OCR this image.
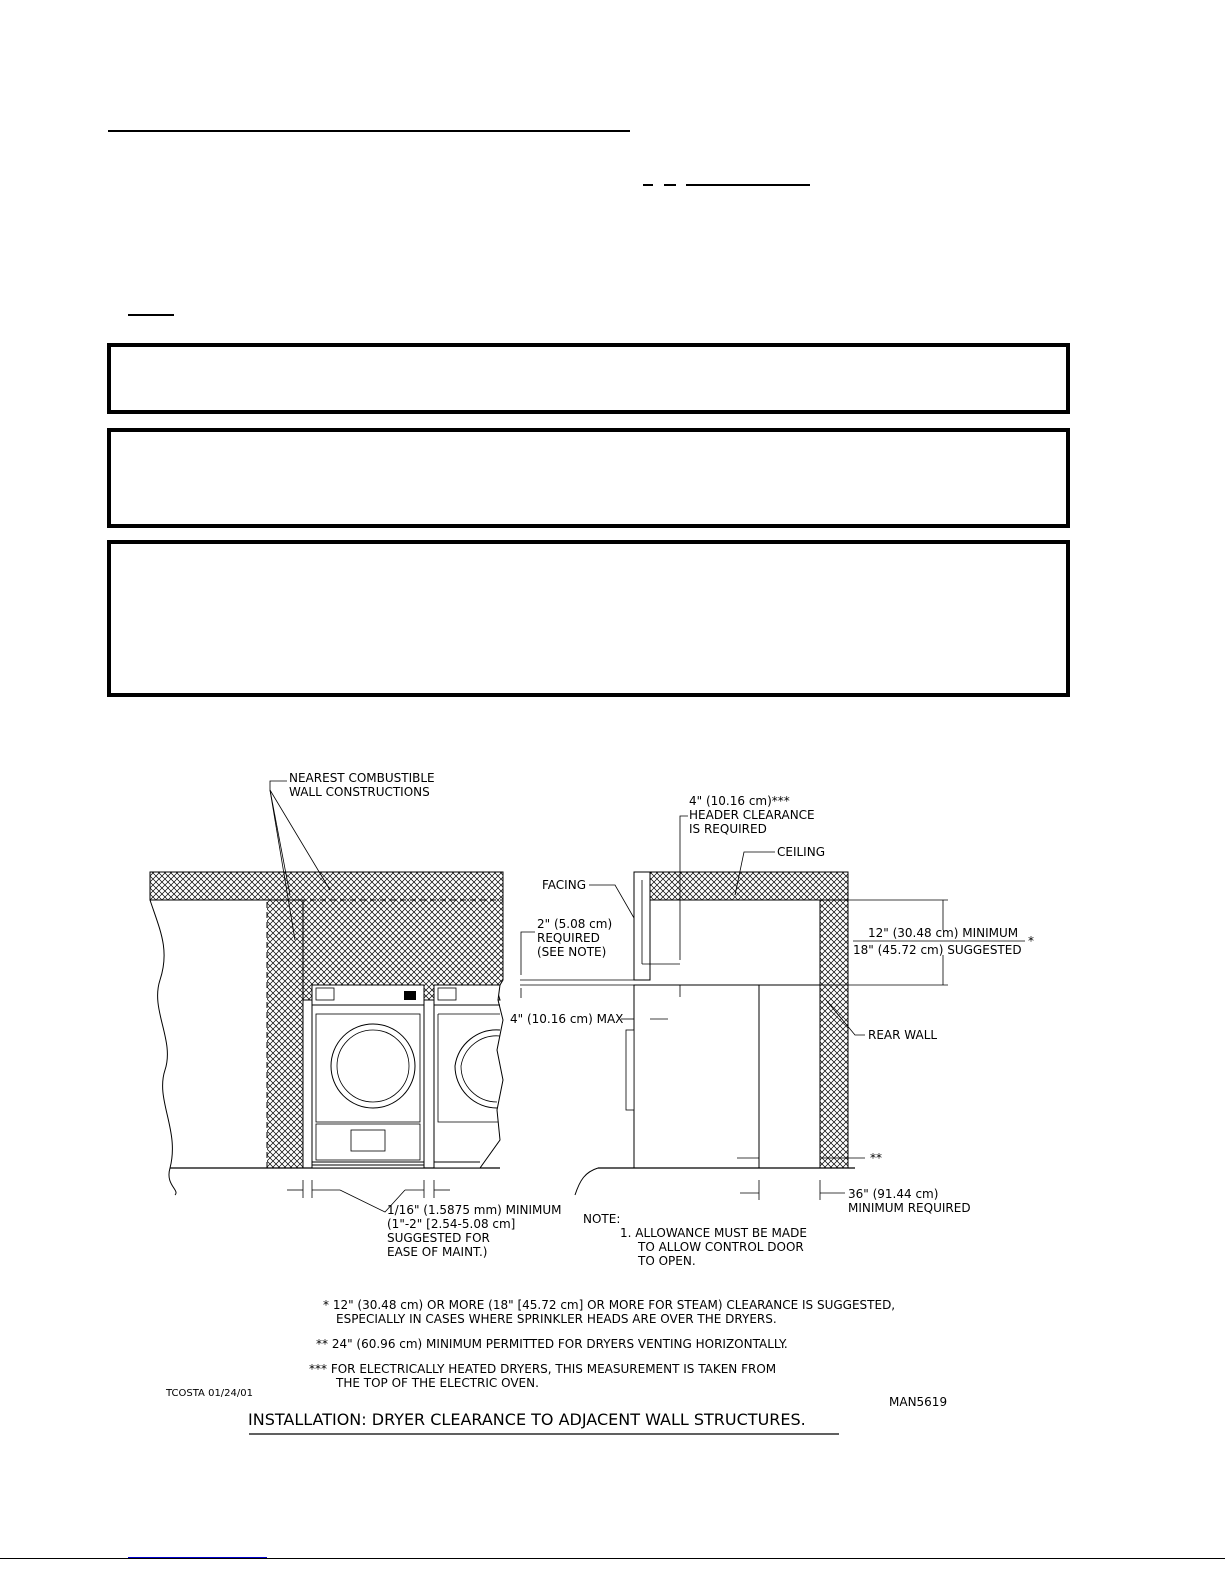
NEAREST COMBUSTIBLE
WALL CONSTRUCTIONS
1/16" (1.5875 mm) MINIMUM
(1"-2" [2.54-5.08 cm]
SUGGESTED FOR
EASE OF MAINT.)
4" (10.16 cm)***
HEADER CLEARANCE
IS REQUIRED
CEILING
FACING
2" (5.08 cm)
REQUIRED
(SEE NOTE)
4" (10.16 cm) MAX
12" (30.48 cm) MINIMUM
18" (45.72 cm) SUGGESTED
*
REAR WALL
**
36" (91.44 cm)
MINIMUM REQUIRED
NOTE:
1. ALLOWANCE MUST BE MADE
TO ALLOW CONTROL DOOR
TO OPEN.
* 12" (30.48 cm) OR MORE (18" [45.72 cm] OR MORE FOR STEAM) CLEARANCE IS SUGGESTED,
ESPECIALLY IN CASES WHERE SPRINKLER HEADS ARE OVER THE DRYERS.
** 24" (60.96 cm) MINIMUM PERMITTED FOR DRYERS VENTING HORIZONTALLY.
*** FOR ELECTRICALLY HEATED DRYERS, THIS MEASUREMENT IS TAKEN FROM
THE TOP OF THE ELECTRIC OVEN.
TCOSTA 01/24/01
MAN5619
INSTALLATION: DRYER CLEARANCE TO ADJACENT WALL STRUCTURES.
